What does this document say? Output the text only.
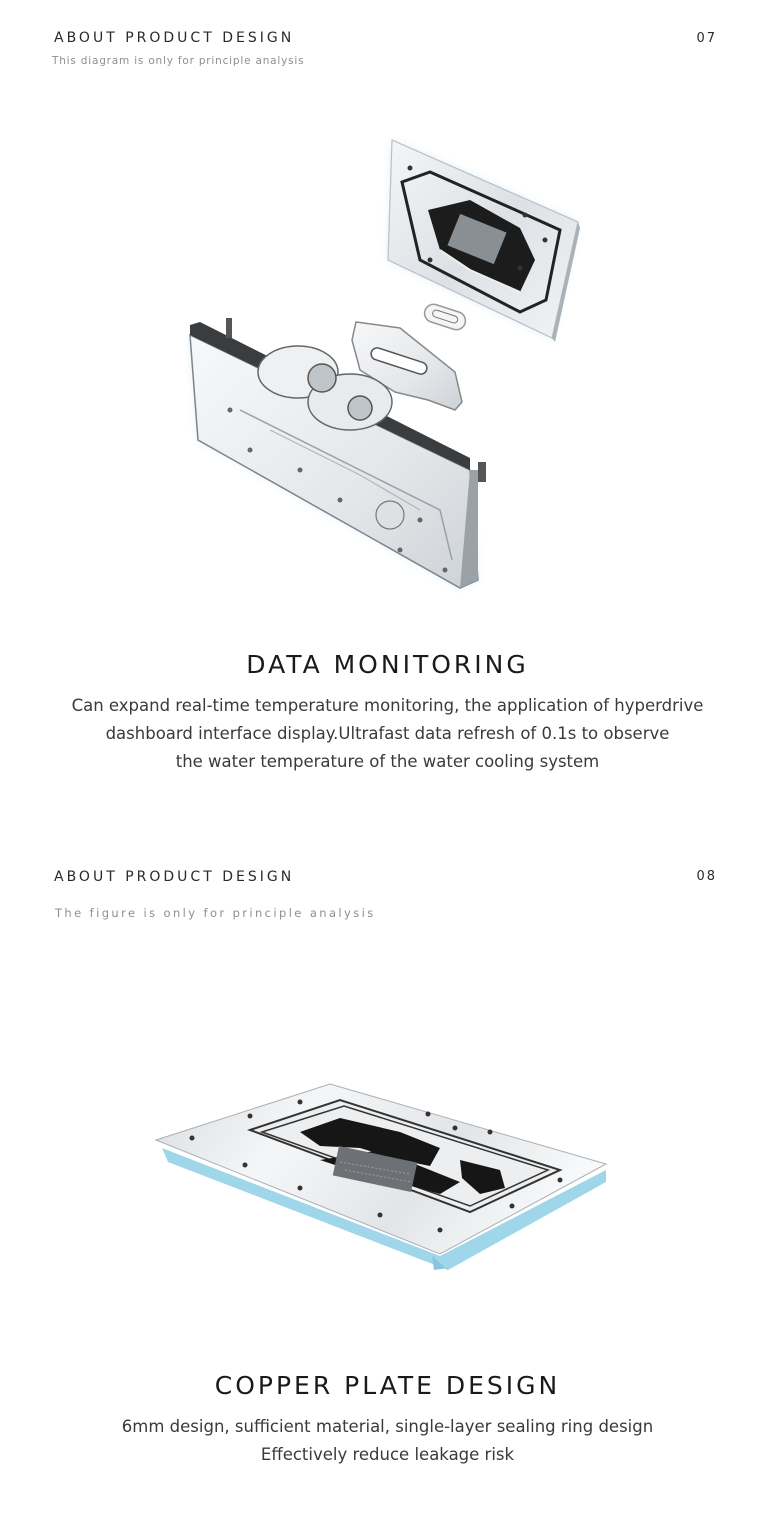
ABOUT PRODUCT DESIGN	07
This diagram is only for principle analysis
DATA MONITORING
Can expand real-time temperature monitoring, the application of hyperdrive
dashboard interface display.Ultrafast data refresh of 0.1s to observe
the water temperature of the water cooling system
ABOUT PRODUCT DESIGN	08
The figure is only for principle analysis
COPPER PLATE DESIGN
6mm design, sufficient material, single-layer sealing ring design
Effectively reduce leakage risk
